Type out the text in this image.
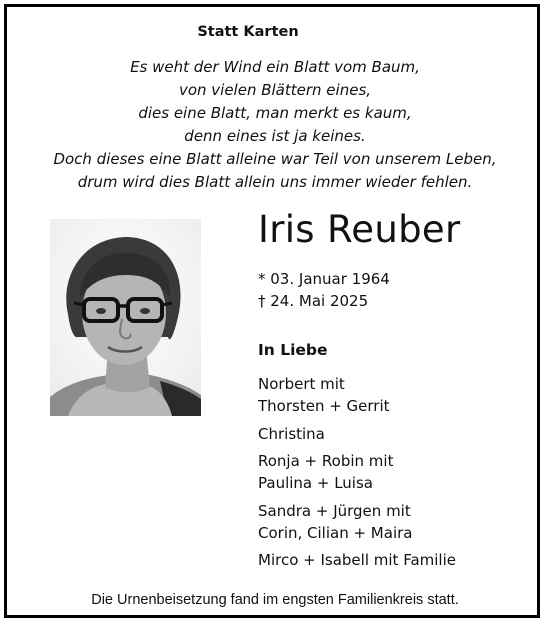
Statt Karten
Es weht der Wind ein Blatt vom Baum,
von vielen Blättern eines,
dies eine Blatt, man merkt es kaum,
denn eines ist ja keines.
Doch dieses eine Blatt alleine war Teil von unserem Leben,
drum wird dies Blatt allein uns immer wieder fehlen.
Iris Reuber
* 03. Januar 1964
† 24. Mai 2025
In Liebe
Norbert mit
Thorsten + Gerrit
Christina
Ronja + Robin mit
Paulina + Luisa
Sandra + Jürgen mit
Corin, Cilian + Maira
Mirco + Isabell mit Familie
Die Urnenbeisetzung fand im engsten Familienkreis statt.
